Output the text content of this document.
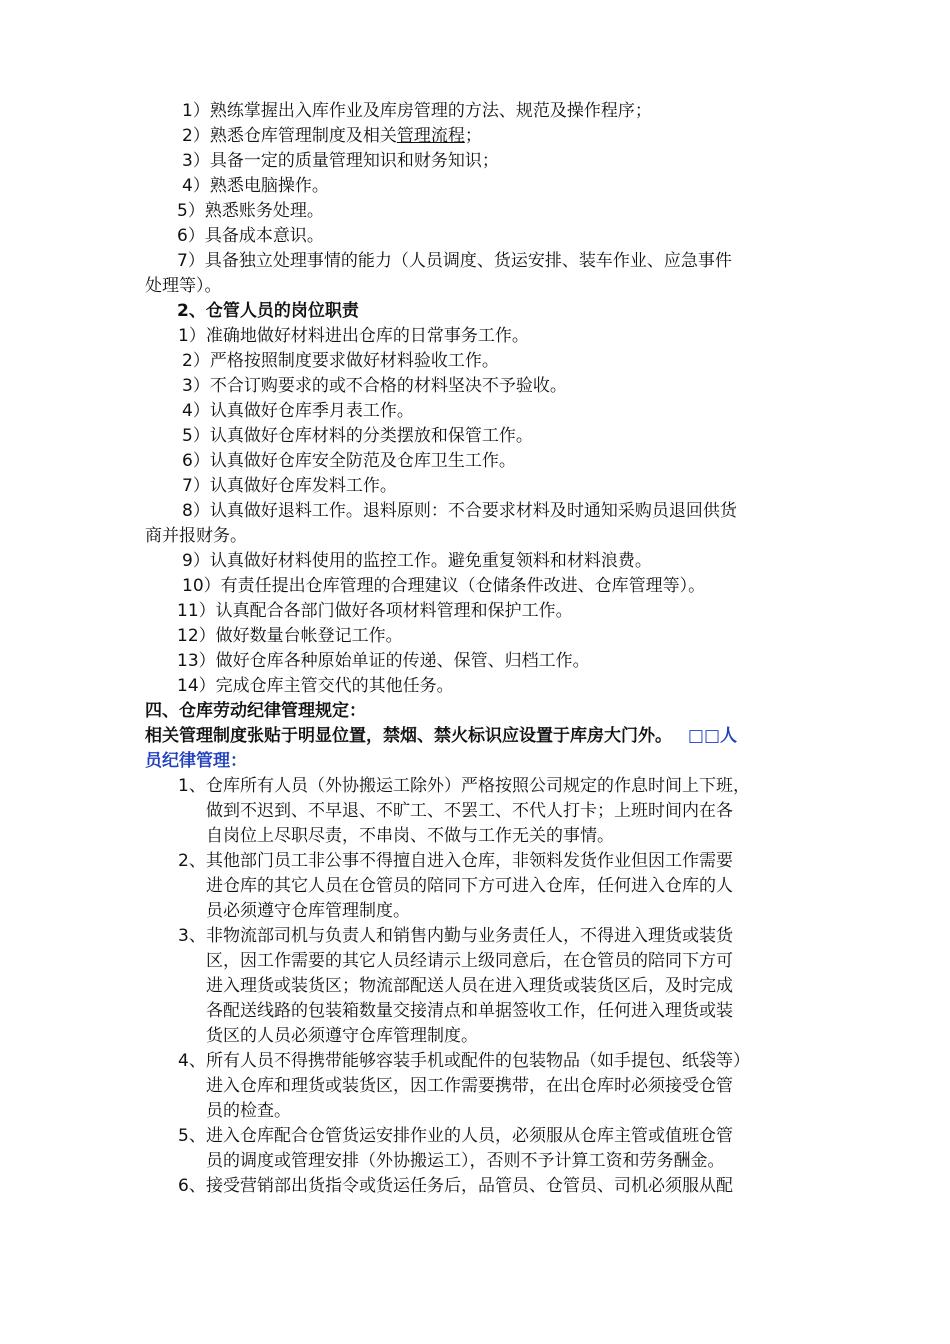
1）熟练掌握出入库作业及库房管理的方法、规范及操作程序；
2）熟悉仓库管理制度及相关管理流程；
3）具备一定的质量管理知识和财务知识；
4）熟悉电脑操作。
5）熟悉账务处理。
6）具备成本意识。
7）具备独立处理事情的能力（人员调度、货运安排、装车作业、应急事件
处理等）。
2、仓管人员的岗位职责
1）准确地做好材料进出仓库的日常事务工作。
2）严格按照制度要求做好材料验收工作。
3）不合订购要求的或不合格的材料坚决不予验收。
4）认真做好仓库季月表工作。
5）认真做好仓库材料的分类摆放和保管工作。
6）认真做好仓库安全防范及仓库卫生工作。
7）认真做好仓库发料工作。
8）认真做好退料工作。退料原则：不合要求材料及时通知采购员退回供货
商并报财务。
9）认真做好材料使用的监控工作。避免重复领料和材料浪费。
10）有责任提出仓库管理的合理建议（仓储条件改进、仓库管理等）。
11）认真配合各部门做好各项材料管理和保护工作。
12）做好数量台帐登记工作。
13）做好仓库各种原始单证的传递、保管、归档工作。
14）完成仓库主管交代的其他任务。
四、仓库劳动纪律管理规定：
相关管理制度张贴于明显位置，禁烟、禁火标识应设置于库房大门外。 □□人
员纪律管理：
1、 仓库所有人员（外协搬运工除外）严格按照公司规定的作息时间上下班，
做到不迟到、不早退、不旷工、不罢工、不代人打卡；上班时间内在各
自岗位上尽职尽责，不串岗、不做与工作无关的事情。
2、 其他部门员工非公事不得擅自进入仓库，非领料发货作业但因工作需要
进仓库的其它人员在仓管员的陪同下方可进入仓库，任何进入仓库的人
员必须遵守仓库管理制度。
3、 非物流部司机与负责人和销售内勤与业务责任人，不得进入理货或装货
区，因工作需要的其它人员经请示上级同意后，在仓管员的陪同下方可
进入理货或装货区；物流部配送人员在进入理货或装货区后，及时完成
各配送线路的包装箱数量交接清点和单据签收工作，任何进入理货或装
货区的人员必须遵守仓库管理制度。
4、 所有人员不得携带能够容装手机或配件的包装物品（如手提包、纸袋等）
进入仓库和理货或装货区，因工作需要携带，在出仓库时必须接受仓管
员的检查。
5、 进入仓库配合仓管货运安排作业的人员，必须服从仓库主管或值班仓管
员的调度或管理安排（外协搬运工），否则不予计算工资和劳务酬金。
6、 接受营销部出货指令或货运任务后，品管员、仓管员、司机必须服从配
